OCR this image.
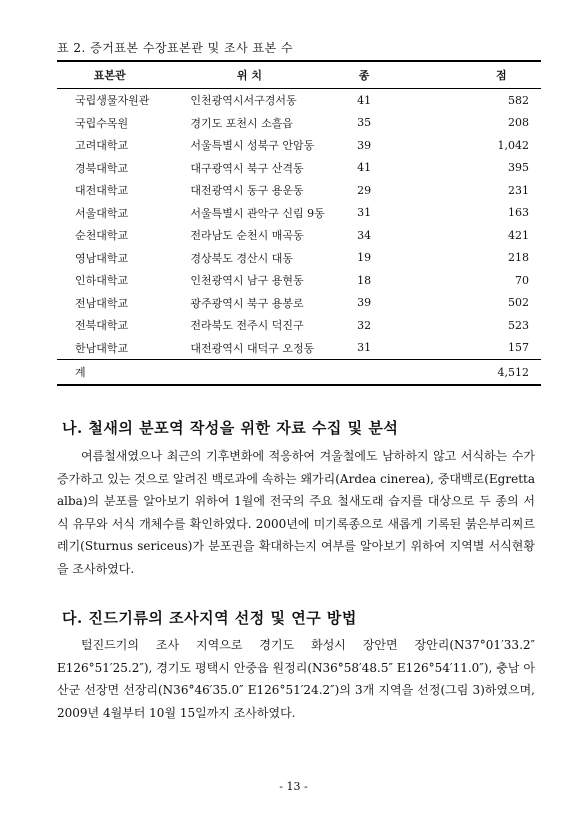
표 2. 증거표본 수장표본관 및 조사 표본 수
표본관	위 치	종	점
국립생물자원관	인천광역시서구경서동	41	582
국립수목원	경기도 포천시 소흘읍	35	208
고려대학교	서울특별시 성북구 안암동	39	1,042
경북대학교	대구광역시 북구 산격동	41	395
대전대학교	대전광역시 동구 용운동	29	231
서울대학교	서울특별시 관악구 신림 9동	31	163
순천대학교	전라남도 순천시 매곡동	34	421
영남대학교	경상북도 경산시 대동	19	218
인하대학교	인천광역시 남구 용현동	18	70
전남대학교	광주광역시 북구 용봉로	39	502
전북대학교	전라북도 전주시 덕진구	32	523
한남대학교	대전광역시 대덕구 오정동	31	157
계			4,512
나. 철새의 분포역 작성을 위한 자료 수집 및 분석

여름철새였으나 최근의 기후변화에 적응하여 겨울철에도 남하하지 않고 서식하는 수가 증가하고 있는 것으로 알려진 백로과에 속하는 왜가리(Ardea cinerea), 중대백로(Egretta alba)의 분포를 알아보기 위하여 1월에 전국의 주요 철새도래 습지를 대상으로 두 종의 서식 유무와 서식 개체수를 확인하였다. 2000년에 미기록종으로 새롭게 기록된 붉은부리찌르레기(Sturnus sericeus)가 분포권을 확대하는지 여부를 알아보기 위하여 지역별 서식현황을 조사하였다.

다. 진드기류의 조사지역 선정 및 연구 방법

털진드기의 조사 지역으로 경기도 화성시 장안면 장안리(N37°01′33.2″ E126°51′25.2″), 경기도 평택시 안중읍 원정리(N36°58′48.5″ E126°54′11.0″), 충남 아산군 선장면 선장리(N36°46′35.0″ E126°51′24.2″)의 3개 지역을 선정(그림 3)하였으며, 2009년 4월부터 10월 15일까지 조사하였다.

- 13 -
